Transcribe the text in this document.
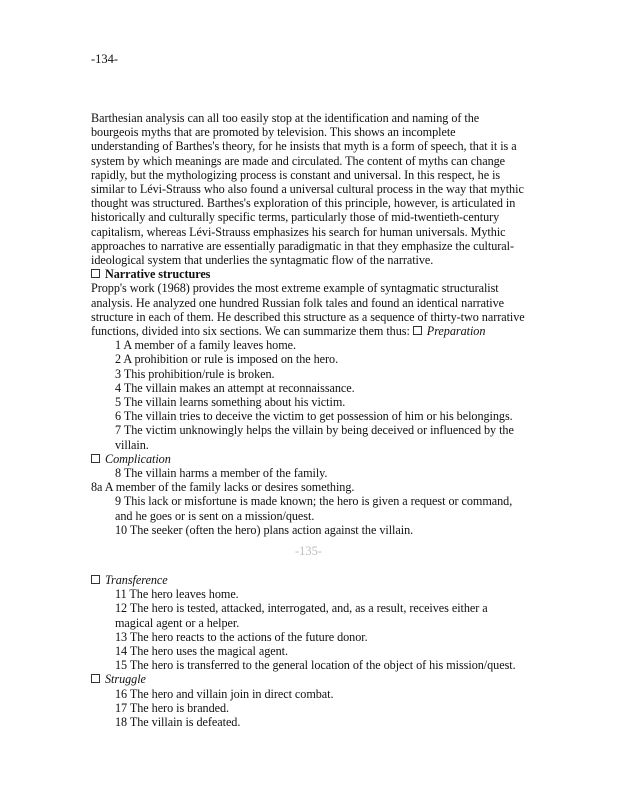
-134-
Barthesian analysis can all too easily stop at the identification and naming of the
bourgeois myths that are promoted by television. This shows an incomplete
understanding of Barthes's theory, for he insists that myth is a form of speech, that it is a
system by which meanings are made and circulated. The content of myths can change
rapidly, but the mythologizing process is constant and universal. In this respect, he is
similar to Lévi-Strauss who also found a universal cultural process in the way that mythic
thought was structured. Barthes's exploration of this principle, however, is articulated in
historically and culturally specific terms, particularly those of mid-twentieth-century
capitalism, whereas Lévi-Strauss emphasizes his search for human universals. Mythic
approaches to narrative are essentially paradigmatic in that they emphasize the cultural-
ideological system that underlies the syntagmatic flow of the narrative.
Narrative structures
Propp's work (1968) provides the most extreme example of syntagmatic structuralist
analysis. He analyzed one hundred Russian folk tales and found an identical narrative
structure in each of them. He described this structure as a sequence of thirty-two narrative
functions, divided into six sections. We can summarize them thus: Preparation
1 A member of a family leaves home.
2 A prohibition or rule is imposed on the hero.
3 This prohibition/rule is broken.
4 The villain makes an attempt at reconnaissance.
5 The villain learns something about his victim.
6 The villain tries to deceive the victim to get possession of him or his belongings.
7 The victim unknowingly helps the villain by being deceived or influenced by the
villain.
Complication
8 The villain harms a member of the family.
8a A member of the family lacks or desires something.
9 This lack or misfortune is made known; the hero is given a request or command,
and he goes or is sent on a mission/quest.
10 The seeker (often the hero) plans action against the villain.
-135-
Transference
11 The hero leaves home.
12 The hero is tested, attacked, interrogated, and, as a result, receives either a
magical agent or a helper.
13 The hero reacts to the actions of the future donor.
14 The hero uses the magical agent.
15 The hero is transferred to the general location of the object of his mission/quest.
Struggle
16 The hero and villain join in direct combat.
17 The hero is branded.
18 The villain is defeated.
